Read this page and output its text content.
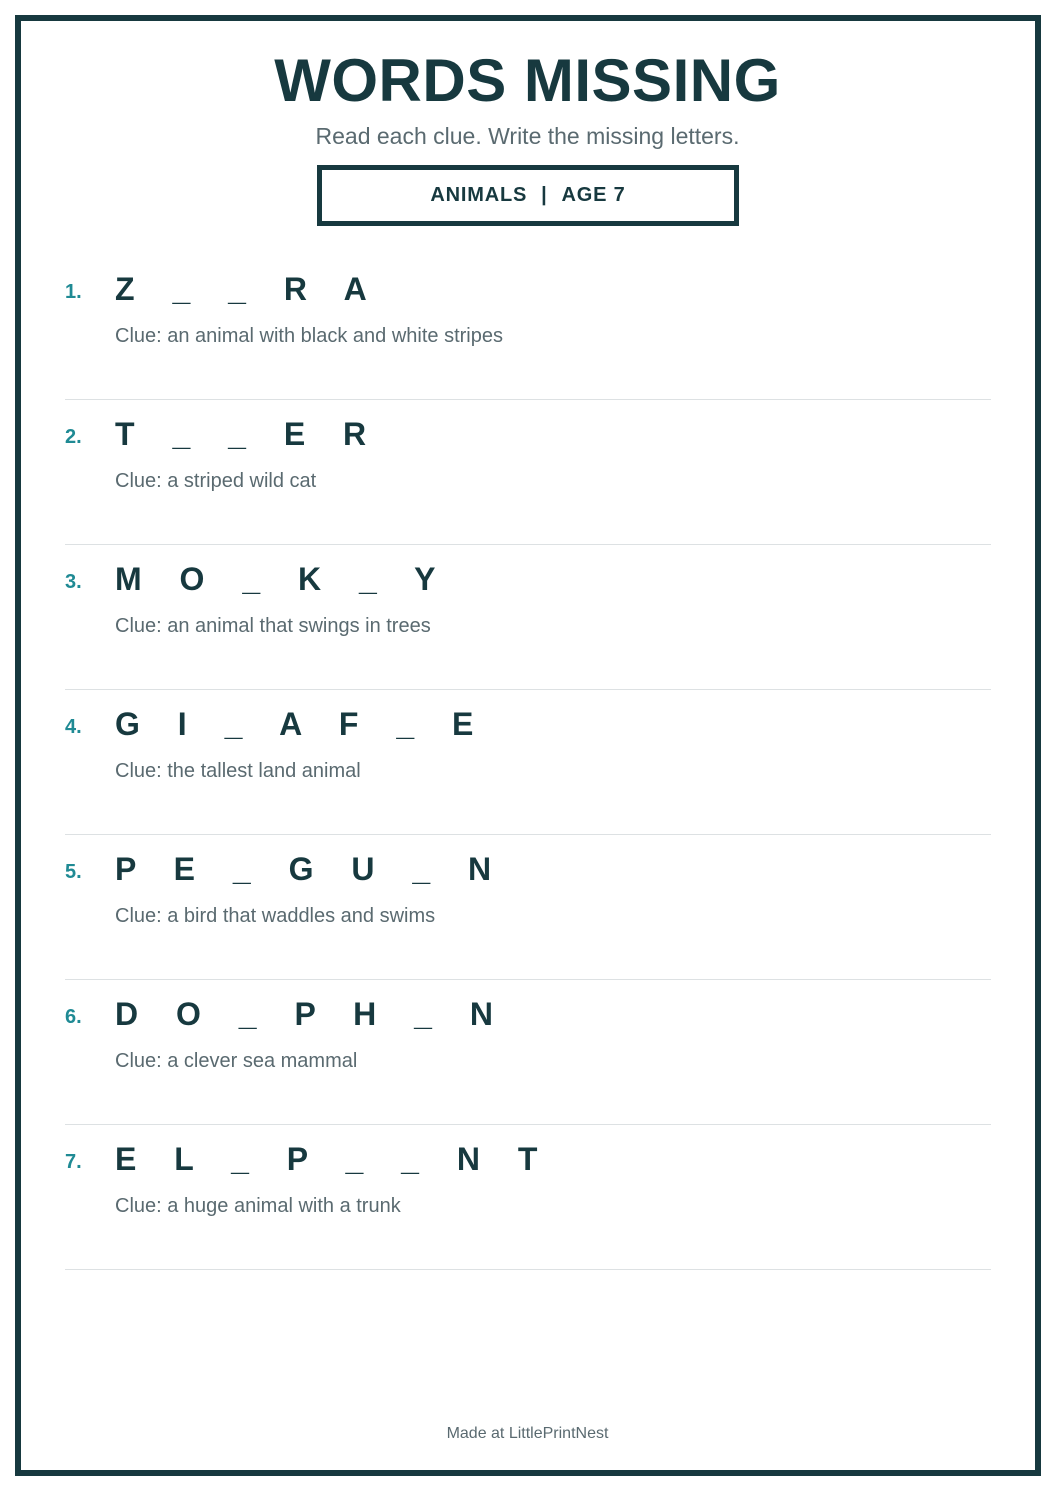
WORDS MISSING
Read each clue. Write the missing letters.
ANIMALS | AGE 7
1. Z _ _ R A
Clue: an animal with black and white stripes
2. T _ _ E R
Clue: a striped wild cat
3. M O _ K _ Y
Clue: an animal that swings in trees
4. G I _ A F _ E
Clue: the tallest land animal
5. P E _ G U _ N
Clue: a bird that waddles and swims
6. D O _ P H _ N
Clue: a clever sea mammal
7. E L _ P _ _ N T
Clue: a huge animal with a trunk
Made at LittlePrintNest
